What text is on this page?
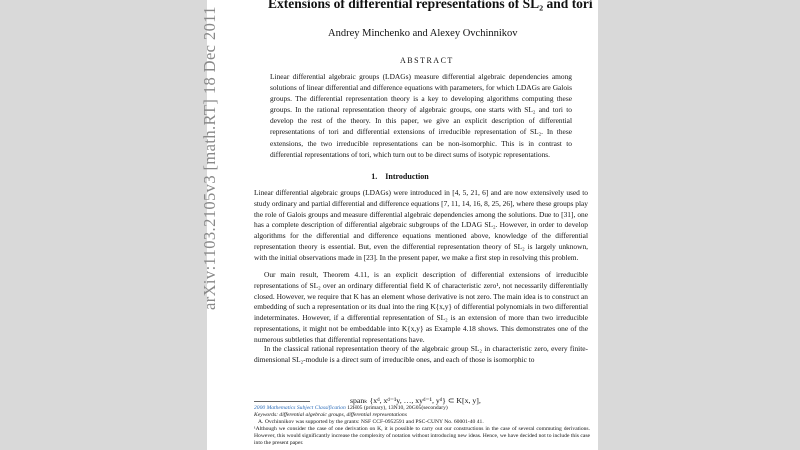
arXiv:1103.2105v3 [math.RT] 18 Dec 2011
Extensions of differential representations of SL₂ and tori
Andrey Minchenko and Alexey Ovchinnikov
ABSTRACT
Linear differential algebraic groups (LDAGs) measure differential algebraic dependencies among solutions of linear differential and difference equations with parameters, for which LDAGs are Galois groups. The differential representation theory is a key to developing algorithms computing these groups. In the rational representation theory of algebraic groups, one starts with SL₂ and tori to develop the rest of the theory. In this paper, we give an explicit description of differential representations of tori and differential extensions of irreducible representation of SL₂. In these extensions, the two irreducible representations can be non-isomorphic. This is in contrast to differential representations of tori, which turn out to be direct sums of isotypic representations.
1. Introduction
Linear differential algebraic groups (LDAGs) were introduced in [4, 5, 21, 6] and are now extensively used to study ordinary and partial differential and difference equations [7, 11, 14, 16, 8, 25, 26], where these groups play the role of Galois groups and measure differential algebraic dependencies among the solutions. Due to [31], one has a complete description of differential algebraic subgroups of the LDAG SL₂. However, in order to develop algorithms for the differential and difference equations mentioned above, knowledge of the differential representation theory is essential. But, even the differential representation theory of SL₂ is largely unknown, with the initial observations made in [23]. In the present paper, we make a first step in resolving this problem.
Our main result, Theorem 4.11, is an explicit description of differential extensions of irreducible representations of SL₂ over an ordinary differential field K of characteristic zero¹, not necessarily differentially closed. However, we require that K has an element whose derivative is not zero. The main idea is to construct an embedding of such a representation or its dual into the ring K{x,y} of differential polynomials in two differential indeterminates. However, if a differential representation of SL₂ is an extension of more than two irreducible representations, it might not be embeddable into K{x,y} as Example 4.18 shows. This demonstrates one of the numerous subtleties that differential representations have.
In the classical rational representation theory of the algebraic group SL₂ in characteristic zero, every finite-dimensional SL₂-module is a direct sum of irreducible ones, and each of those is isomorphic to
spanₖ {xᵈ, xᵈ⁻¹y, …, xyᵈ⁻¹, yᵈ} ⊂ K[x, y],
2000 Mathematics Subject Classification 12H05 (primary), 13N10, 20G05(secondary)
Keywords: differential algebraic groups, differential representations
A. Ovchinnikov was supported by the grants: NSF CCF-0952591 and PSC-CUNY No. 60001-40 41.
¹Although we consider the case of one derivation on K, it is possible to carry out our constructions in the case of several commuting derivations. However, this would significantly increase the complexity of notation without introducing new ideas. Hence, we have decided not to include this case into the present paper.
